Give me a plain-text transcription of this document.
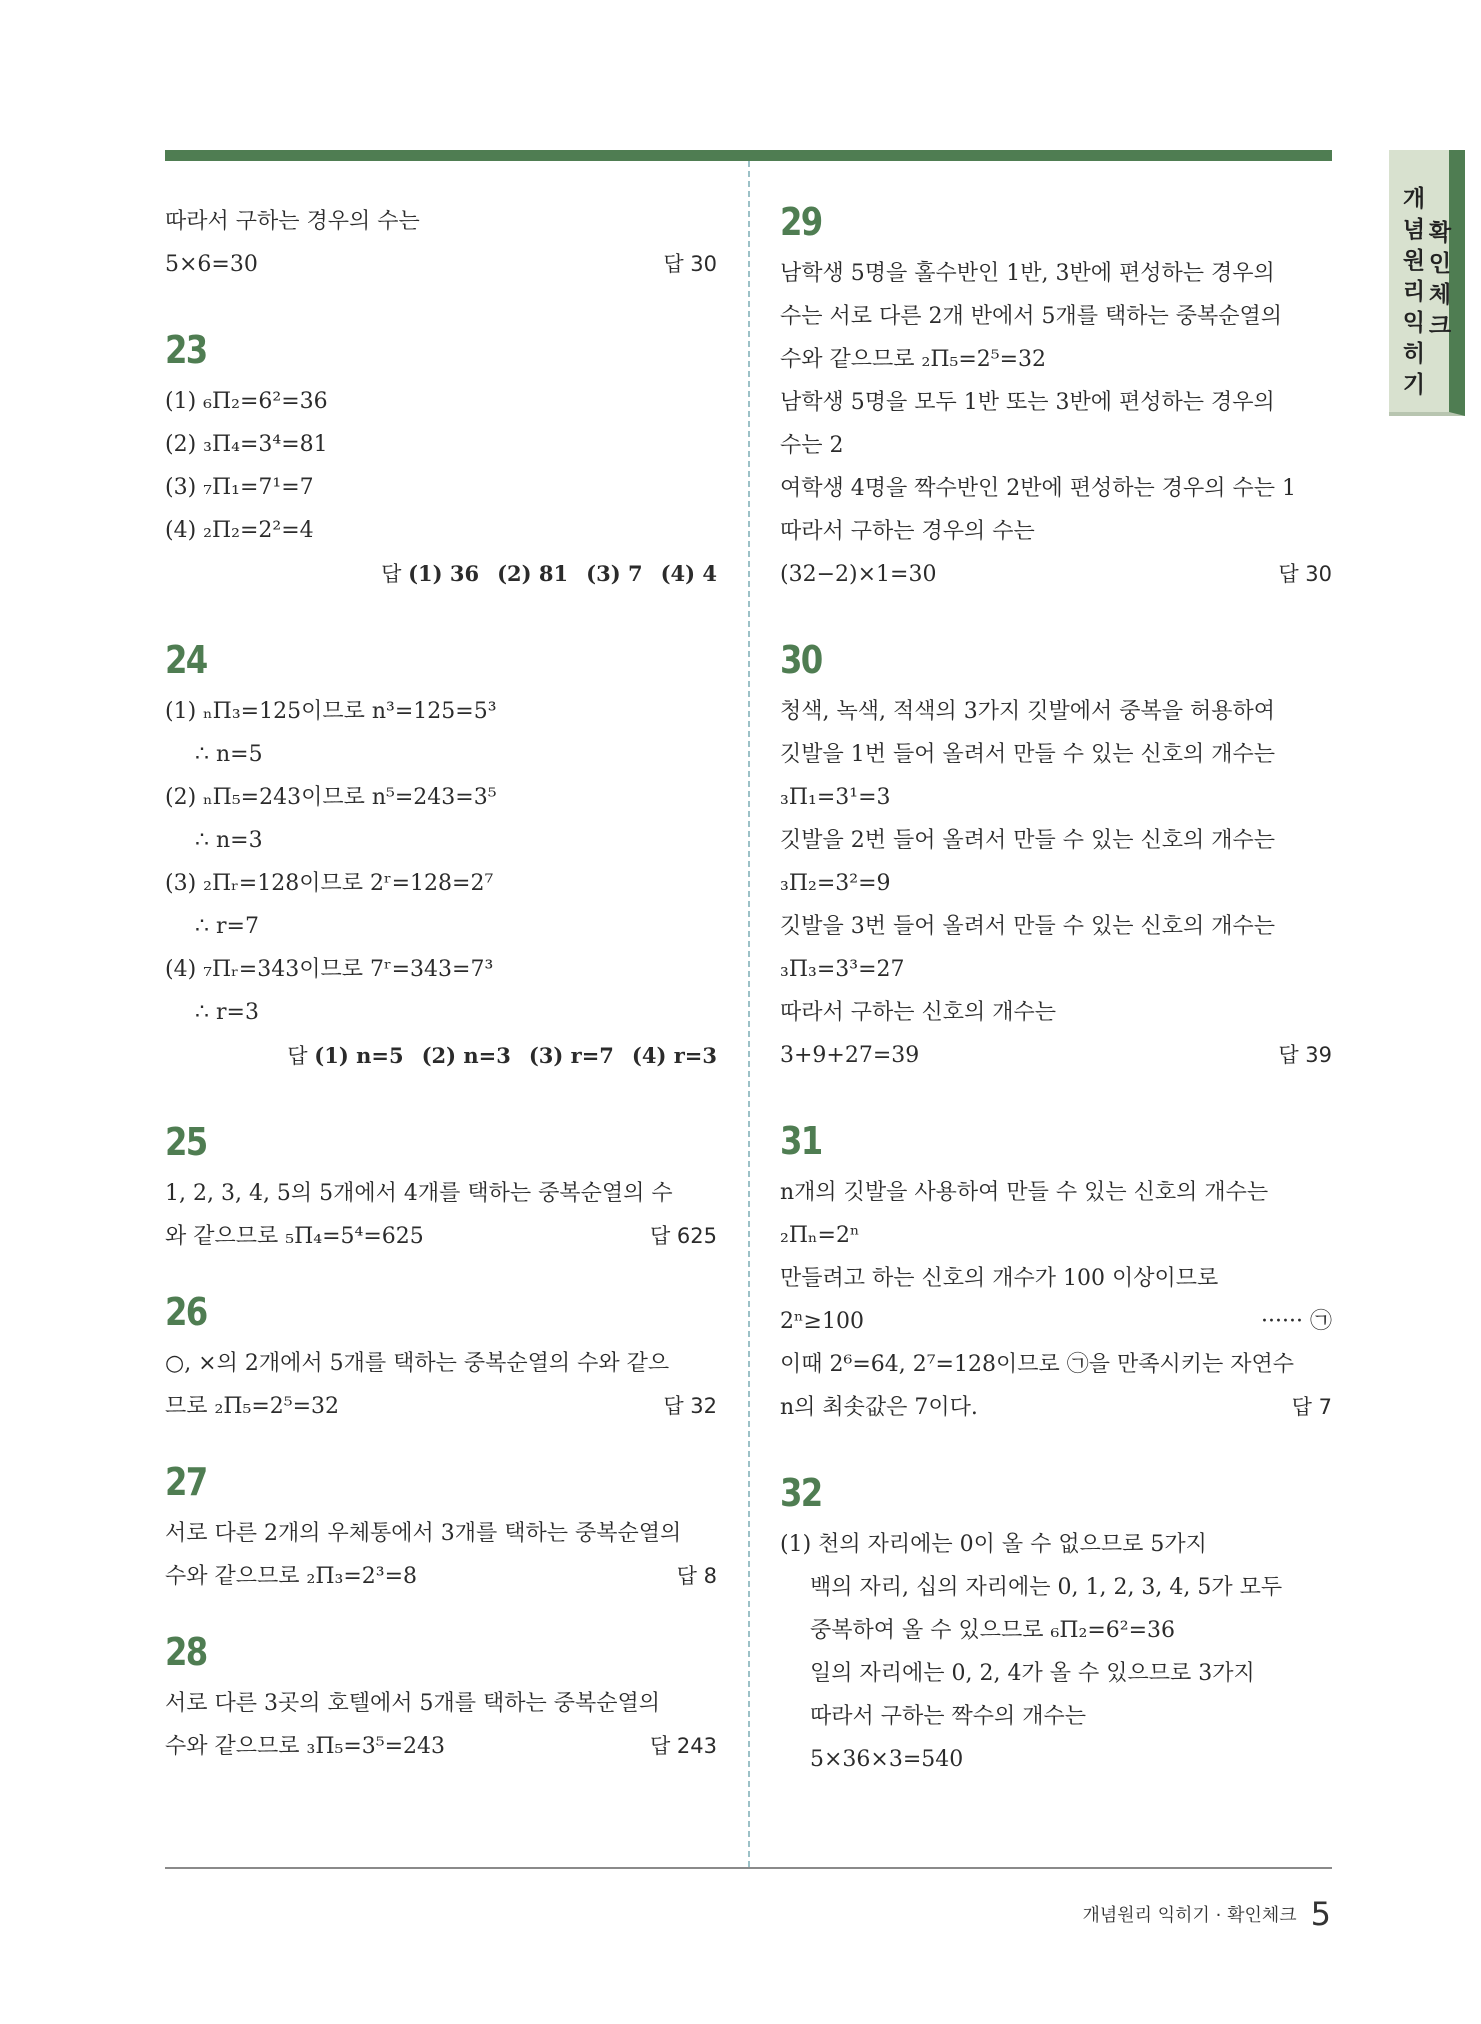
개념원리 익히기
확인체크
따라서 구하는 경우의 수는
5×6=30	답 30
23
(1) ₆Π₂=6²=36
(2) ₃Π₄=3⁴=81
(3) ₇Π₁=7¹=7
(4) ₂Π₂=2²=4
답 (1) 36 (2) 81 (3) 7 (4) 4
24
(1) ₙΠ₃=125이므로 n³=125=5³
∴ n=5
(2) ₙΠ₅=243이므로 n⁵=243=3⁵
∴ n=3
(3) ₂Πᵣ=128이므로 2ʳ=128=2⁷
∴ r=7
(4) ₇Πᵣ=343이므로 7ʳ=343=7³
∴ r=3
답 (1) n=5 (2) n=3 (3) r=7 (4) r=3
25
1, 2, 3, 4, 5의 5개에서 4개를 택하는 중복순열의 수
와 같으므로 ₅Π₄=5⁴=625	답 625
26
○, ×의 2개에서 5개를 택하는 중복순열의 수와 같으
므로 ₂Π₅=2⁵=32	답 32
27
서로 다른 2개의 우체통에서 3개를 택하는 중복순열의
수와 같으므로 ₂Π₃=2³=8	답 8
28
서로 다른 3곳의 호텔에서 5개를 택하는 중복순열의
수와 같으므로 ₃Π₅=3⁵=243	답 243
29
남학생 5명을 홀수반인 1반, 3반에 편성하는 경우의
수는 서로 다른 2개 반에서 5개를 택하는 중복순열의
수와 같으므로 ₂Π₅=2⁵=32
남학생 5명을 모두 1반 또는 3반에 편성하는 경우의
수는 2
여학생 4명을 짝수반인 2반에 편성하는 경우의 수는 1
따라서 구하는 경우의 수는
(32−2)×1=30	답 30
30
청색, 녹색, 적색의 3가지 깃발에서 중복을 허용하여
깃발을 1번 들어 올려서 만들 수 있는 신호의 개수는
₃Π₁=3¹=3
깃발을 2번 들어 올려서 만들 수 있는 신호의 개수는
₃Π₂=3²=9
깃발을 3번 들어 올려서 만들 수 있는 신호의 개수는
₃Π₃=3³=27
따라서 구하는 신호의 개수는
3+9+27=39	답 39
31
n개의 깃발을 사용하여 만들 수 있는 신호의 개수는
₂Πₙ=2ⁿ
만들려고 하는 신호의 개수가 100 이상이므로
2ⁿ≥100	······ ㉠
이때 2⁶=64, 2⁷=128이므로 ㉠을 만족시키는 자연수
n의 최솟값은 7이다.	답 7
32
(1) 천의 자리에는 0이 올 수 없으므로 5가지
백의 자리, 십의 자리에는 0, 1, 2, 3, 4, 5가 모두
중복하여 올 수 있으므로 ₆Π₂=6²=36
일의 자리에는 0, 2, 4가 올 수 있으므로 3가지
따라서 구하는 짝수의 개수는
5×36×3=540
개념원리 익히기 · 확인체크 5
